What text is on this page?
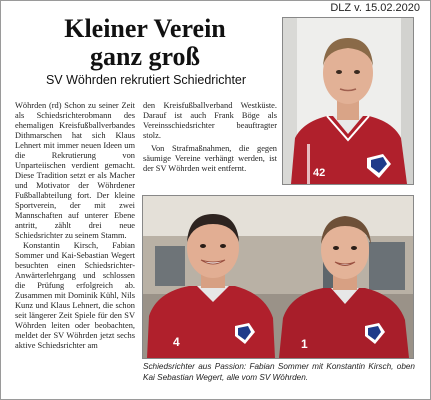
DLZ v. 15.02.2020
Kleiner Verein
ganz groß
SV Wöhrden rekrutiert Schiedrichter

Wöhrden (rd) Schon zu seiner Zeit als Schiedsrichterobmann des ehemaligen Kreisfußballverbandes Dithmarschen hat sich Klaus Lehnert mit immer neuen Ideen um die Rekrutierung von Unparteiischen verdient gemacht. Diese Tradition setzt er als Macher und Motivator der Wöhrdener Fußballabteilung fort. Der kleine Sportverein, der mit zwei Mannschaften auf unterer Ebene antritt, zählt drei neue Schiedsrichter zu seinem Stamm.

Konstantin Kirsch, Fabian Sommer und Kai-Sebastian Wegert besuchten einen Schiedsrichter-Anwärterlehrgang und schlossen die Prüfung erfolgreich ab. Zusammen mit Dominik Kühl, Nils Kunz und Klaus Lehnert, die schon seit längerer Zeit Spiele für den SV Wöhrden leiten oder beobachten, meldet der SV Wöhrden jetzt sechs aktive Schiedsrichter am

den Kreisfußballverband Westküste. Darauf ist auch Frank Böge als Vereinsschiedsrichter beauftragter stolz.

Von Strafmaßnahmen, die gegen säumige Vereine verhängt werden, ist der SV Wöhrden weit entfernt.	42
4	1
Schiedsrichter aus Passion: Fabian Sommer mit Konstantin Kirsch, oben Kai Sebastian Wegert, alle vom SV Wöhrden.
